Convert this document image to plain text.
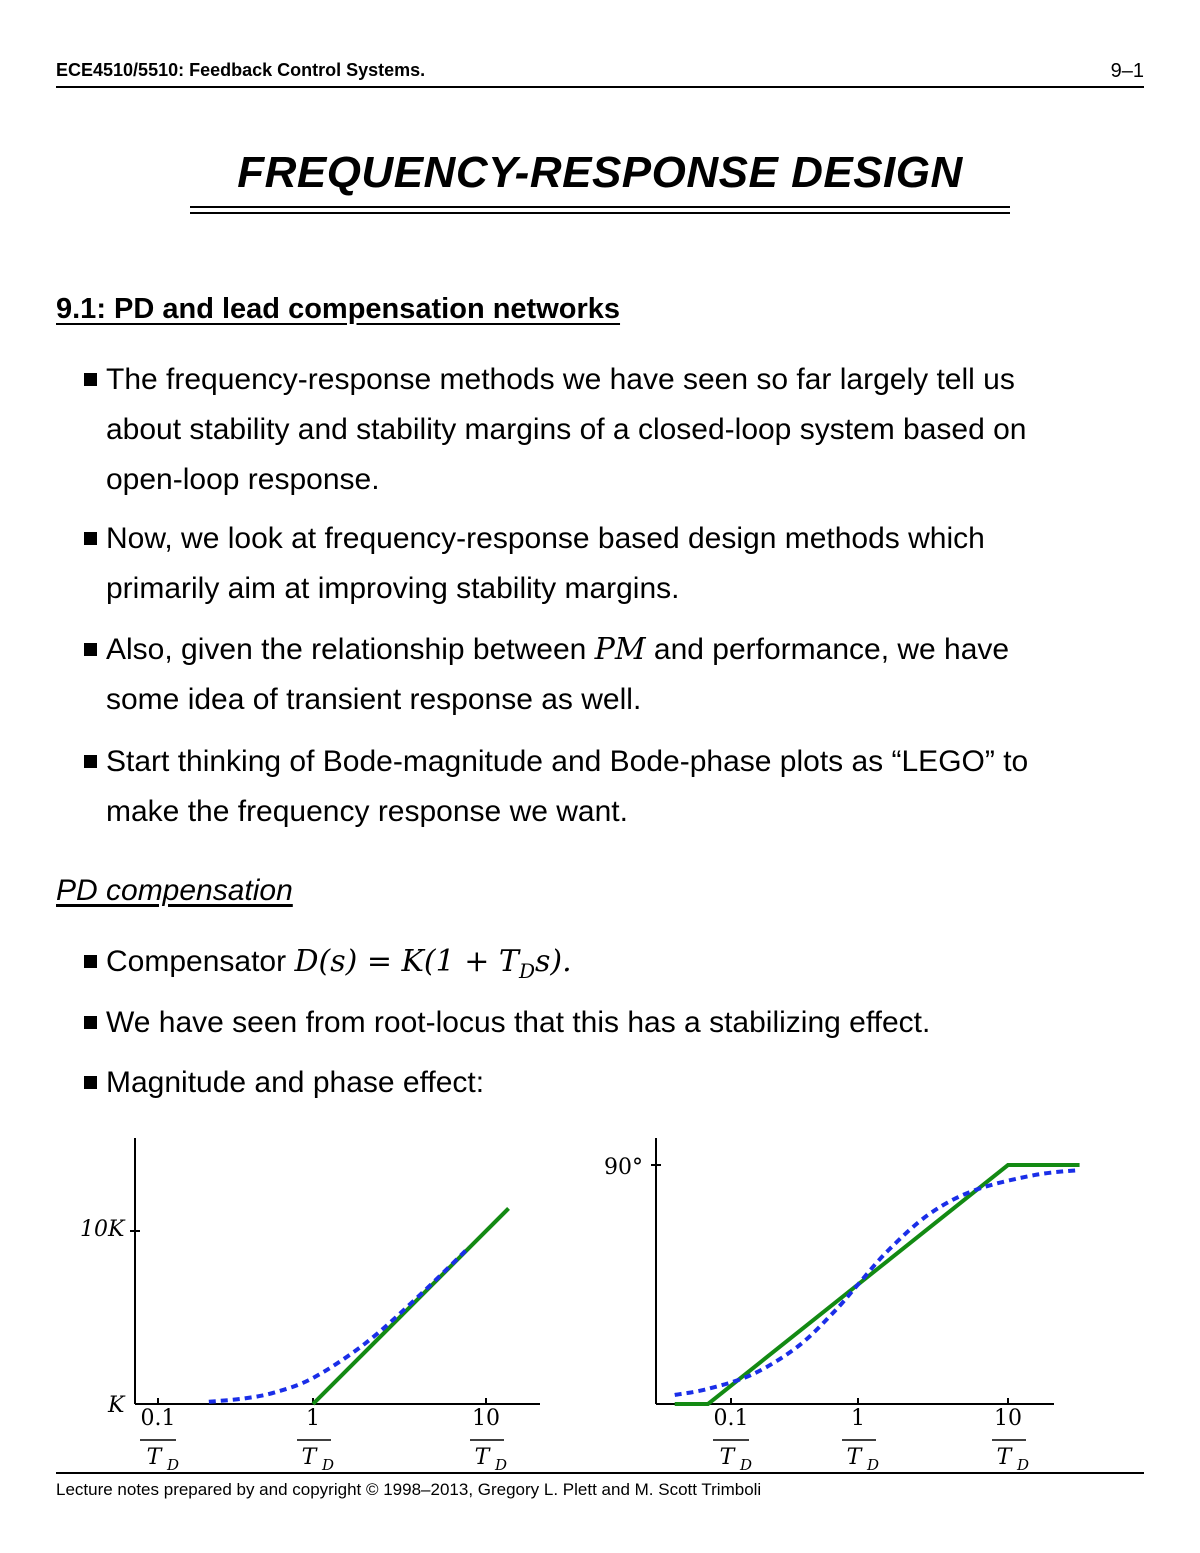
ECE4510/5510: Feedback Control Systems.	9–1
FREQUENCY-RESPONSE DESIGN
9.1: PD and lead compensation networks
The frequency-response methods we have seen so far largely tell us
about stability and stability margins of a closed-loop system based on
open-loop response.
Now, we look at frequency-response based design methods which
primarily aim at improving stability margins.
Also, given the relationship between PM and performance, we have
some idea of transient response as well.
Start thinking of Bode-magnitude and Bode-phase plots as “LEGO” to
make the frequency response we want.
PD compensation
Compensator $D(s) = K(1 + T_Ds)$.
We have seen from root-locus that this has a stabilizing effect.
Magnitude and phase effect:
10K
K
90°
0.1
T D
1
T D
10
T D
0.1
T D
1
T D
10
T D
Lecture notes prepared by and copyright © 1998–2013, Gregory L. Plett and M. Scott Trimboli
